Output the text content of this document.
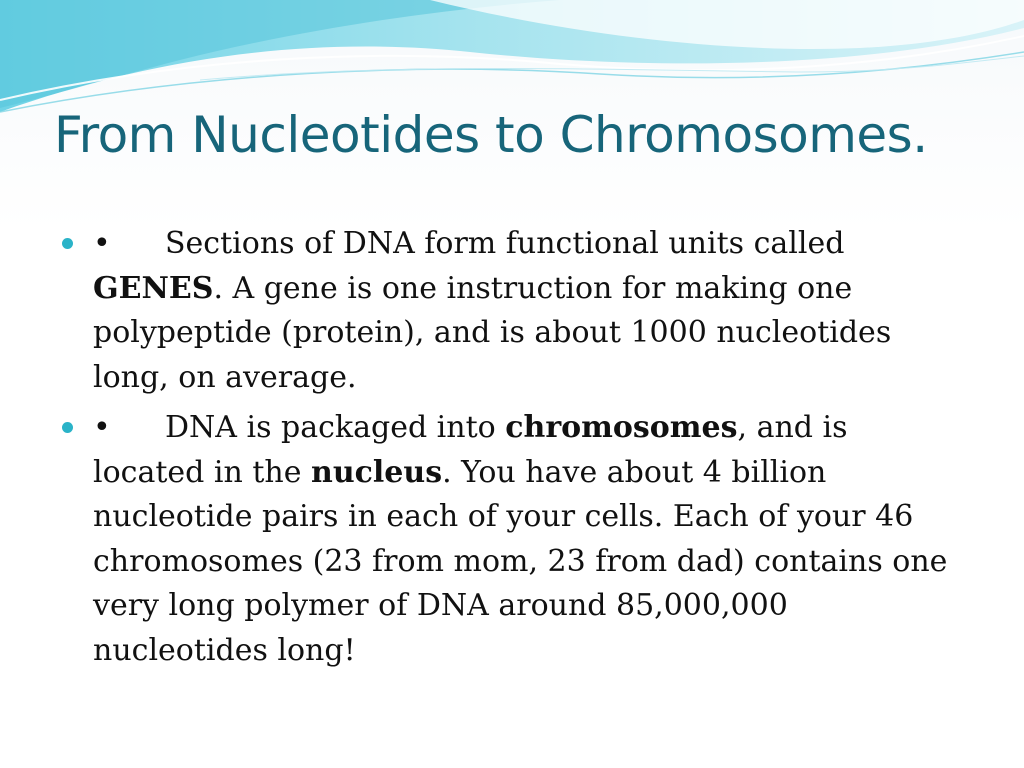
From Nucleotides to Chromosomes.

• Sections of DNA form functional units called GENES. A gene is one instruction for making one polypeptide (protein), and is about 1000 nucleotides long, on average.

• DNA is packaged into chromosomes, and is located in the nucleus. You have about 4 billion nucleotide pairs in each of your cells. Each of your 46 chromosomes (23 from mom, 23 from dad) contains one very long polymer of DNA around 85,000,000 nucleotides long!
